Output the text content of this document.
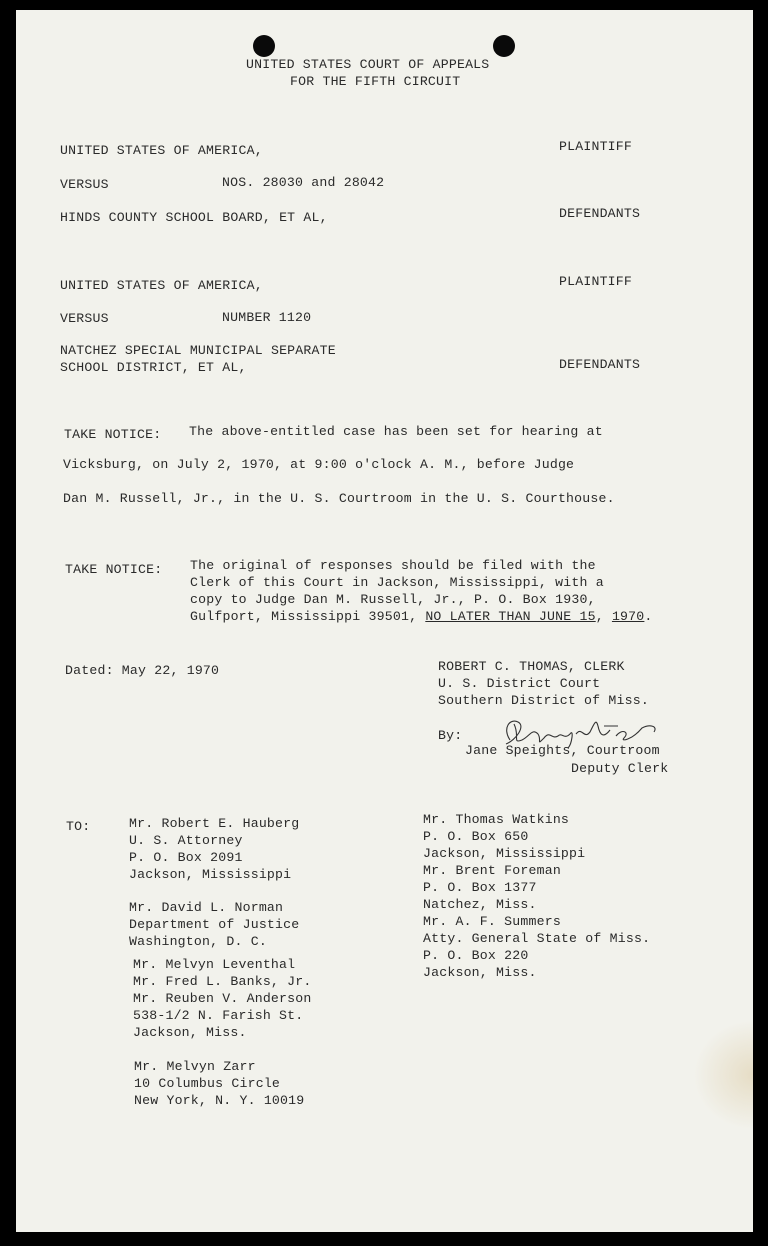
UNITED STATES COURT OF APPEALS
FOR THE FIFTH CIRCUIT
UNITED STATES OF AMERICA,	PLAINTIFF
VERSUS	NOS. 28030 and 28042
HINDS COUNTY SCHOOL BOARD, ET AL,	DEFENDANTS
UNITED STATES OF AMERICA,	PLAINTIFF
VERSUS	NUMBER 1120
NATCHEZ SPECIAL MUNICIPAL SEPARATE
SCHOOL DISTRICT, ET AL,	DEFENDANTS
TAKE NOTICE: The above-entitled case has been set for hearing at
Vicksburg, on July 2, 1970, at 9:00 o'clock A. M., before Judge
Dan M. Russell, Jr., in the U. S. Courtroom in the U. S. Courthouse.
TAKE NOTICE: The original of responses should be filed with the
Clerk of this Court in Jackson, Mississippi, with a
copy to Judge Dan M. Russell, Jr., P. O. Box 1930,
Gulfport, Mississippi 39501, NO LATER THAN JUNE 15, 1970.
Dated: May 22, 1970	ROBERT C. THOMAS, CLERK
U. S. District Court
Southern District of Miss.
By:
Jane Speights, Courtroom
Deputy Clerk
TO:	Mr. Robert E. Hauberg
U. S. Attorney
P. O. Box 2091
Jackson, Mississippi
Mr. David L. Norman
Department of Justice
Washington, D. C.
Mr. Melvyn Leventhal
Mr. Fred L. Banks, Jr.
Mr. Reuben V. Anderson
538-1/2 N. Farish St.
Jackson, Miss.
Mr. Melvyn Zarr
10 Columbus Circle
New York, N. Y. 10019
Mr. Thomas Watkins
P. O. Box 650
Jackson, Mississippi
Mr. Brent Foreman
P. O. Box 1377
Natchez, Miss.
Mr. A. F. Summers
Atty. General State of Miss.
P. O. Box 220
Jackson, Miss.
